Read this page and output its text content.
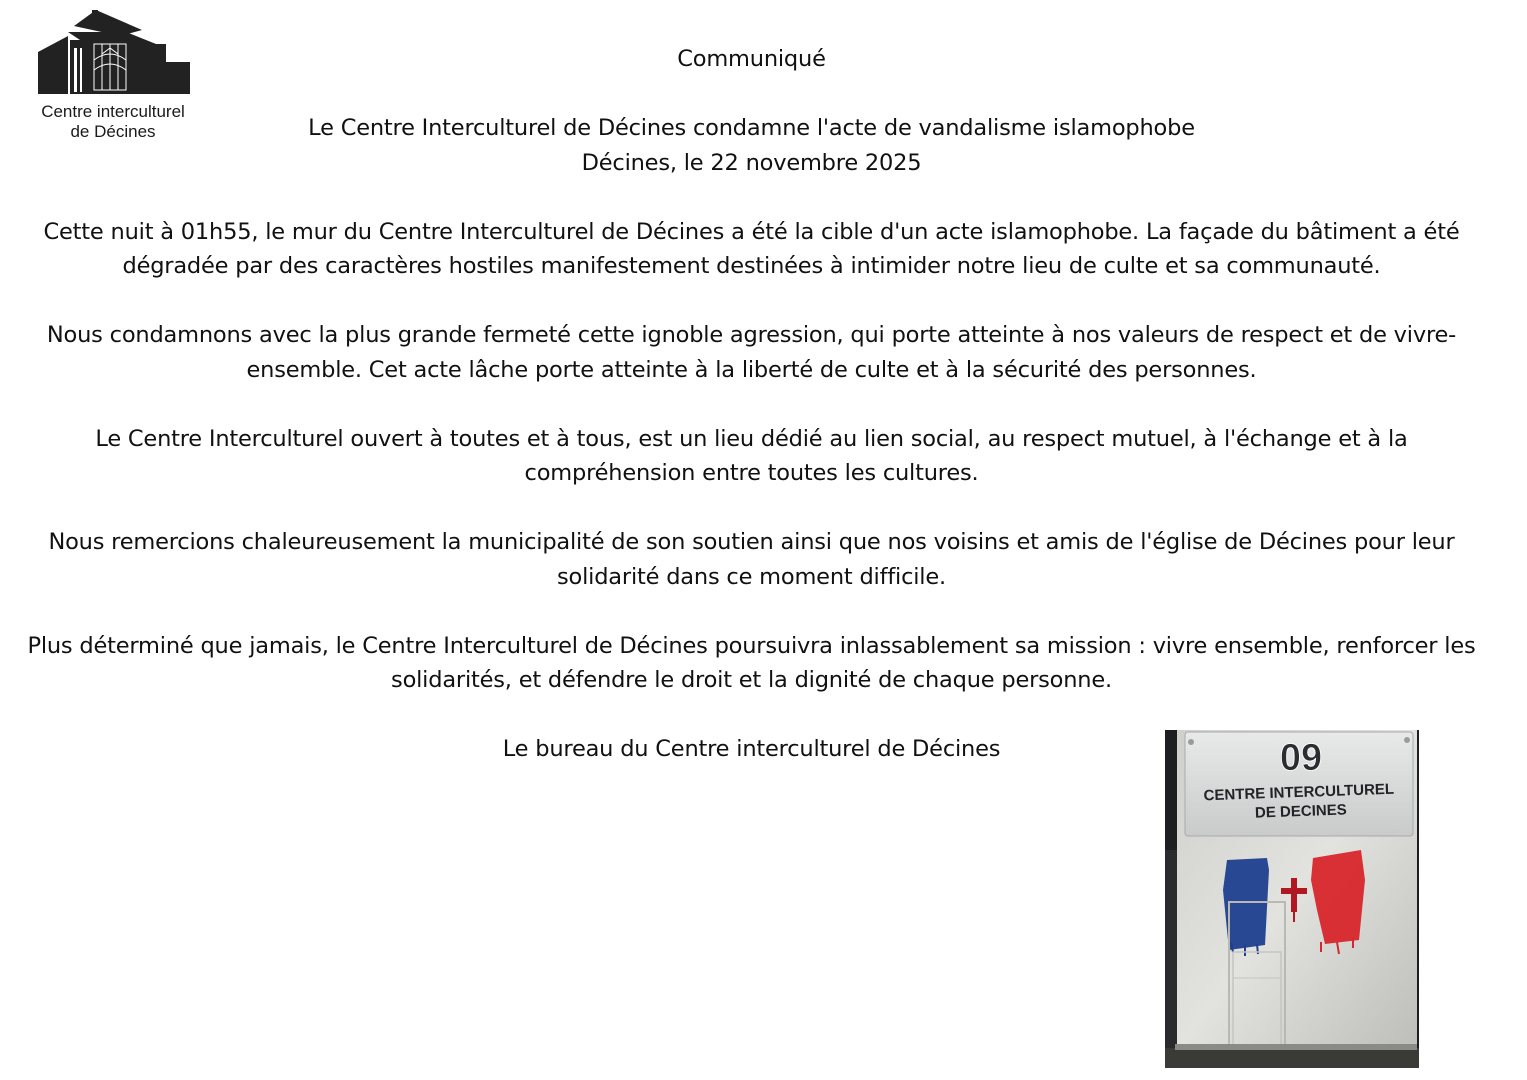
Centre interculturel
de Décines

Communiqué

Le Centre Interculturel de Décines condamne l'acte de vandalisme islamophobe

Décines, le 22 novembre 2025

Cette nuit à 01h55, le mur du Centre Interculturel de Décines a été la cible d'un acte islamophobe. La façade du bâtiment a été

dégradée par des caractères hostiles manifestement destinées à intimider notre lieu de culte et sa communauté.

Nous condamnons avec la plus grande fermeté cette ignoble agression, qui porte atteinte à nos valeurs de respect et de vivre-

ensemble. Cet acte lâche porte atteinte à la liberté de culte et à la sécurité des personnes.

Le Centre Interculturel ouvert à toutes et à tous, est un lieu dédié au lien social, au respect mutuel, à l'échange et à la

compréhension entre toutes les cultures.

Nous remercions chaleureusement la municipalité de son soutien ainsi que nos voisins et amis de l'église de Décines pour leur

solidarité dans ce moment difficile.

Plus déterminé que jamais, le Centre Interculturel de Décines poursuivra inlassablement sa mission : vivre ensemble, renforcer les

solidarités, et défendre le droit et la dignité de chaque personne.

Le bureau du Centre interculturel de Décines	09
CENTRE INTERCULTUREL
DE DECINES
